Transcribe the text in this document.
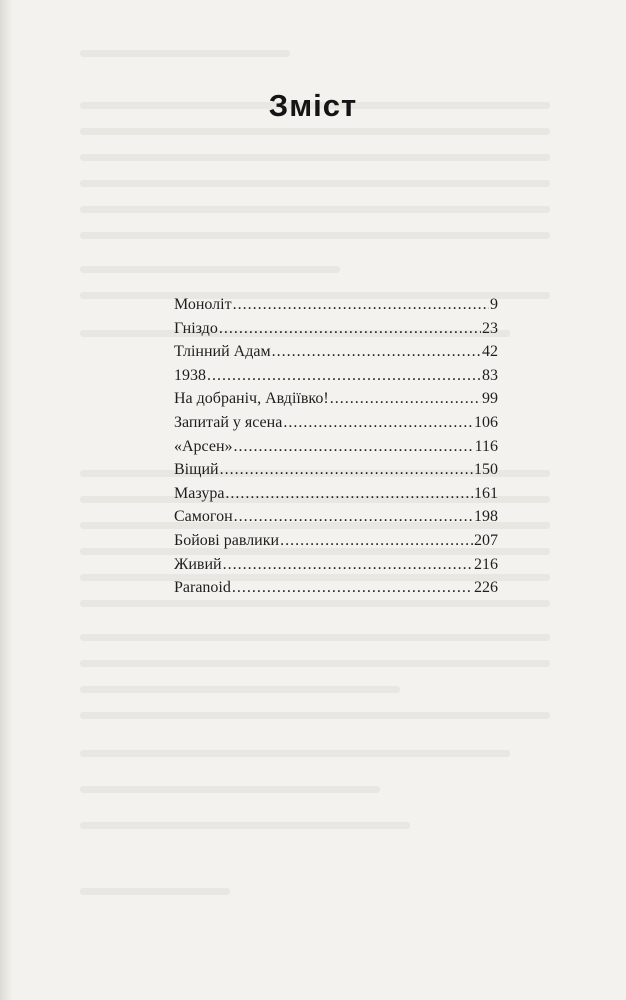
Зміст
Моноліт .....	9
Гніздо .....	23
Тлінний Адам .....	42
1938 .....	83
На добраніч, Авдіївко! .....	99
Запитай у ясена .....	106
«Арсен» .....	116
Віщий .....	150
Мазура .....	161
Самогон .....	198
Бойові равлики .....	207
Живий .....	216
Paranoid .....	226
